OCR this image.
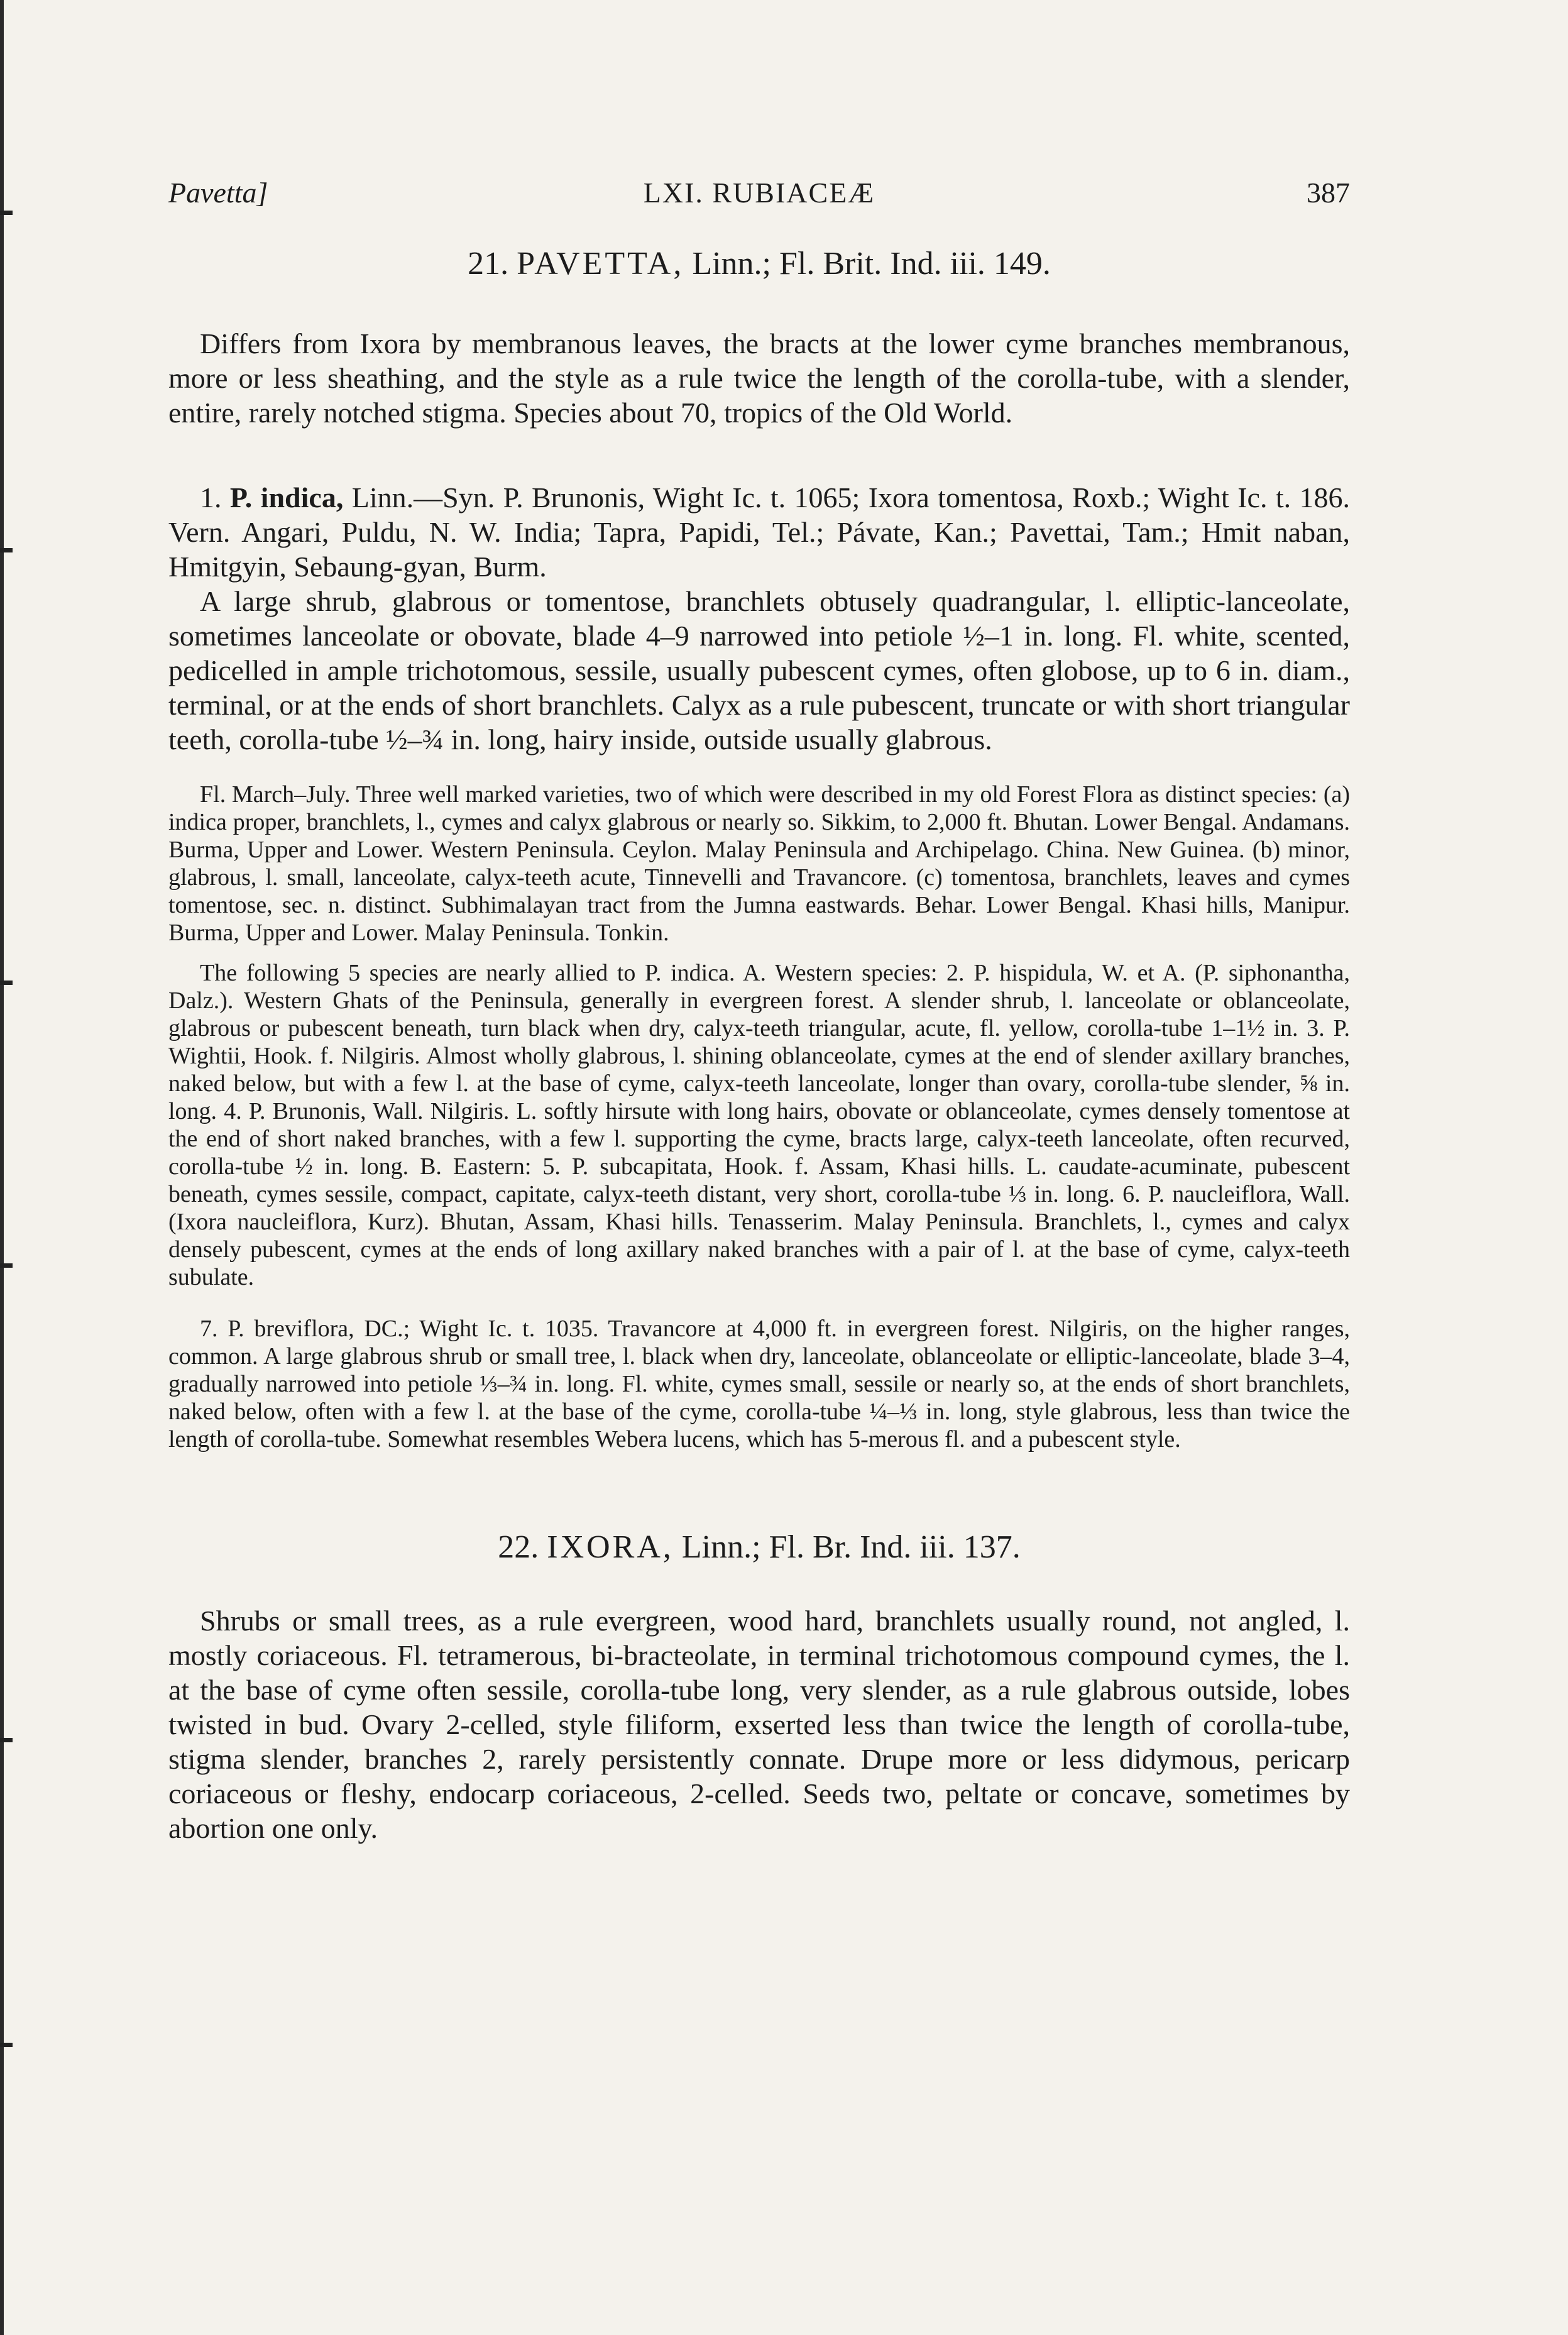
Pavetta]	LXI. RUBIACEÆ	387
21. PAVETTA, Linn.; Fl. Brit. Ind. iii. 149.

Differs from Ixora by membranous leaves, the bracts at the lower cyme branches membranous, more or less sheathing, and the style as a rule twice the length of the corolla-tube, with a slender, entire, rarely notched stigma. Species about 70, tropics of the Old World.

1. P. indica, Linn.—Syn. P. Brunonis, Wight Ic. t. 1065; Ixora tomentosa, Roxb.; Wight Ic. t. 186. Vern. Angari, Puldu, N. W. India; Tapra, Papidi, Tel.; Pávate, Kan.; Pavettai, Tam.; Hmit naban, Hmitgyin, Sebaung-gyan, Burm.

A large shrub, glabrous or tomentose, branchlets obtusely quadrangular, l. elliptic-lanceolate, sometimes lanceolate or obovate, blade 4–9 narrowed into petiole ½–1 in. long. Fl. white, scented, pedicelled in ample trichotomous, sessile, usually pubescent cymes, often globose, up to 6 in. diam., terminal, or at the ends of short branchlets. Calyx as a rule pubescent, truncate or with short triangular teeth, corolla-tube ½–¾ in. long, hairy inside, outside usually glabrous.

Fl. March–July. Three well marked varieties, two of which were described in my old Forest Flora as distinct species: (a) indica proper, branchlets, l., cymes and calyx glabrous or nearly so. Sikkim, to 2,000 ft. Bhutan. Lower Bengal. Andamans. Burma, Upper and Lower. Western Peninsula. Ceylon. Malay Peninsula and Archipelago. China. New Guinea. (b) minor, glabrous, l. small, lanceolate, calyx-teeth acute, Tinnevelli and Travancore. (c) tomentosa, branchlets, leaves and cymes tomentose, sec. n. distinct. Subhimalayan tract from the Jumna eastwards. Behar. Lower Bengal. Khasi hills, Manipur. Burma, Upper and Lower. Malay Peninsula. Tonkin.

The following 5 species are nearly allied to P. indica. A. Western species: 2. P. hispidula, W. et A. (P. siphonantha, Dalz.). Western Ghats of the Peninsula, generally in evergreen forest. A slender shrub, l. lanceolate or oblanceolate, glabrous or pubescent beneath, turn black when dry, calyx-teeth triangular, acute, fl. yellow, corolla-tube 1–1½ in. 3. P. Wightii, Hook. f. Nilgiris. Almost wholly glabrous, l. shining oblanceolate, cymes at the end of slender axillary branches, naked below, but with a few l. at the base of cyme, calyx-teeth lanceolate, longer than ovary, corolla-tube slender, ⅝ in. long. 4. P. Brunonis, Wall. Nilgiris. L. softly hirsute with long hairs, obovate or oblanceolate, cymes densely tomentose at the end of short naked branches, with a few l. supporting the cyme, bracts large, calyx-teeth lanceolate, often recurved, corolla-tube ½ in. long. B. Eastern: 5. P. subcapitata, Hook. f. Assam, Khasi hills. L. caudate-acuminate, pubescent beneath, cymes sessile, compact, capitate, calyx-teeth distant, very short, corolla-tube ⅓ in. long. 6. P. naucleiflora, Wall. (Ixora naucleiflora, Kurz). Bhutan, Assam, Khasi hills. Tenasserim. Malay Peninsula. Branchlets, l., cymes and calyx densely pubescent, cymes at the ends of long axillary naked branches with a pair of l. at the base of cyme, calyx-teeth subulate.

7. P. breviflora, DC.; Wight Ic. t. 1035. Travancore at 4,000 ft. in evergreen forest. Nilgiris, on the higher ranges, common. A large glabrous shrub or small tree, l. black when dry, lanceolate, oblanceolate or elliptic-lanceolate, blade 3–4, gradually narrowed into petiole ⅓–¾ in. long. Fl. white, cymes small, sessile or nearly so, at the ends of short branchlets, naked below, often with a few l. at the base of the cyme, corolla-tube ¼–⅓ in. long, style glabrous, less than twice the length of corolla-tube. Somewhat resembles Webera lucens, which has 5-merous fl. and a pubescent style.

22. IXORA, Linn.; Fl. Br. Ind. iii. 137.

Shrubs or small trees, as a rule evergreen, wood hard, branchlets usually round, not angled, l. mostly coriaceous. Fl. tetramerous, bi-bracteolate, in terminal trichotomous compound cymes, the l. at the base of cyme often sessile, corolla-tube long, very slender, as a rule glabrous outside, lobes twisted in bud. Ovary 2-celled, style filiform, exserted less than twice the length of corolla-tube, stigma slender, branches 2, rarely persistently connate. Drupe more or less didymous, pericarp coriaceous or fleshy, endocarp coriaceous, 2-celled. Seeds two, peltate or concave, sometimes by abortion one only.
